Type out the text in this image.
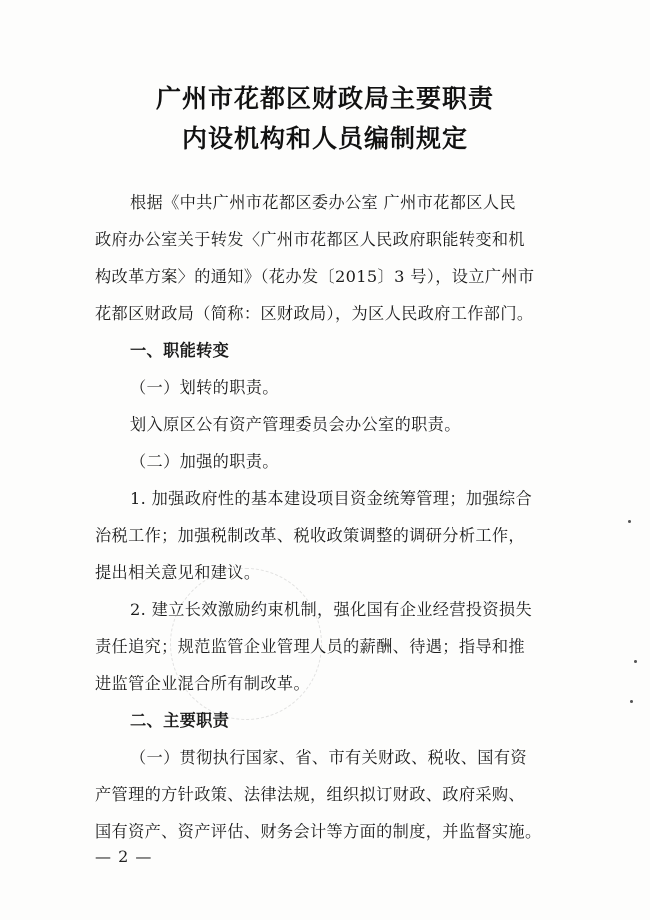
广州市花都区财政局主要职责
内设机构和人员编制规定
根据《中共广州市花都区委办公室 广州市花都区人民
政府办公室关于转发〈广州市花都区人民政府职能转变和机
构改革方案〉的通知》（花办发〔2015〕3 号），设立广州市
花都区财政局（简称：区财政局），为区人民政府工作部门。
一、职能转变
（一）划转的职责。
划入原区公有资产管理委员会办公室的职责。
（二）加强的职责。
1. 加强政府性的基本建设项目资金统筹管理；加强综合
治税工作；加强税制改革、税收政策调整的调研分析工作，
提出相关意见和建议。
2. 建立长效激励约束机制，强化国有企业经营投资损失
责任追究；规范监管企业管理人员的薪酬、待遇；指导和推
进监管企业混合所有制改革。
二、主要职责
（一）贯彻执行国家、省、市有关财政、税收、国有资
产管理的方针政策、法律法规，组织拟订财政、政府采购、
国有资产、资产评估、财务会计等方面的制度，并监督实施。
— 2 —
